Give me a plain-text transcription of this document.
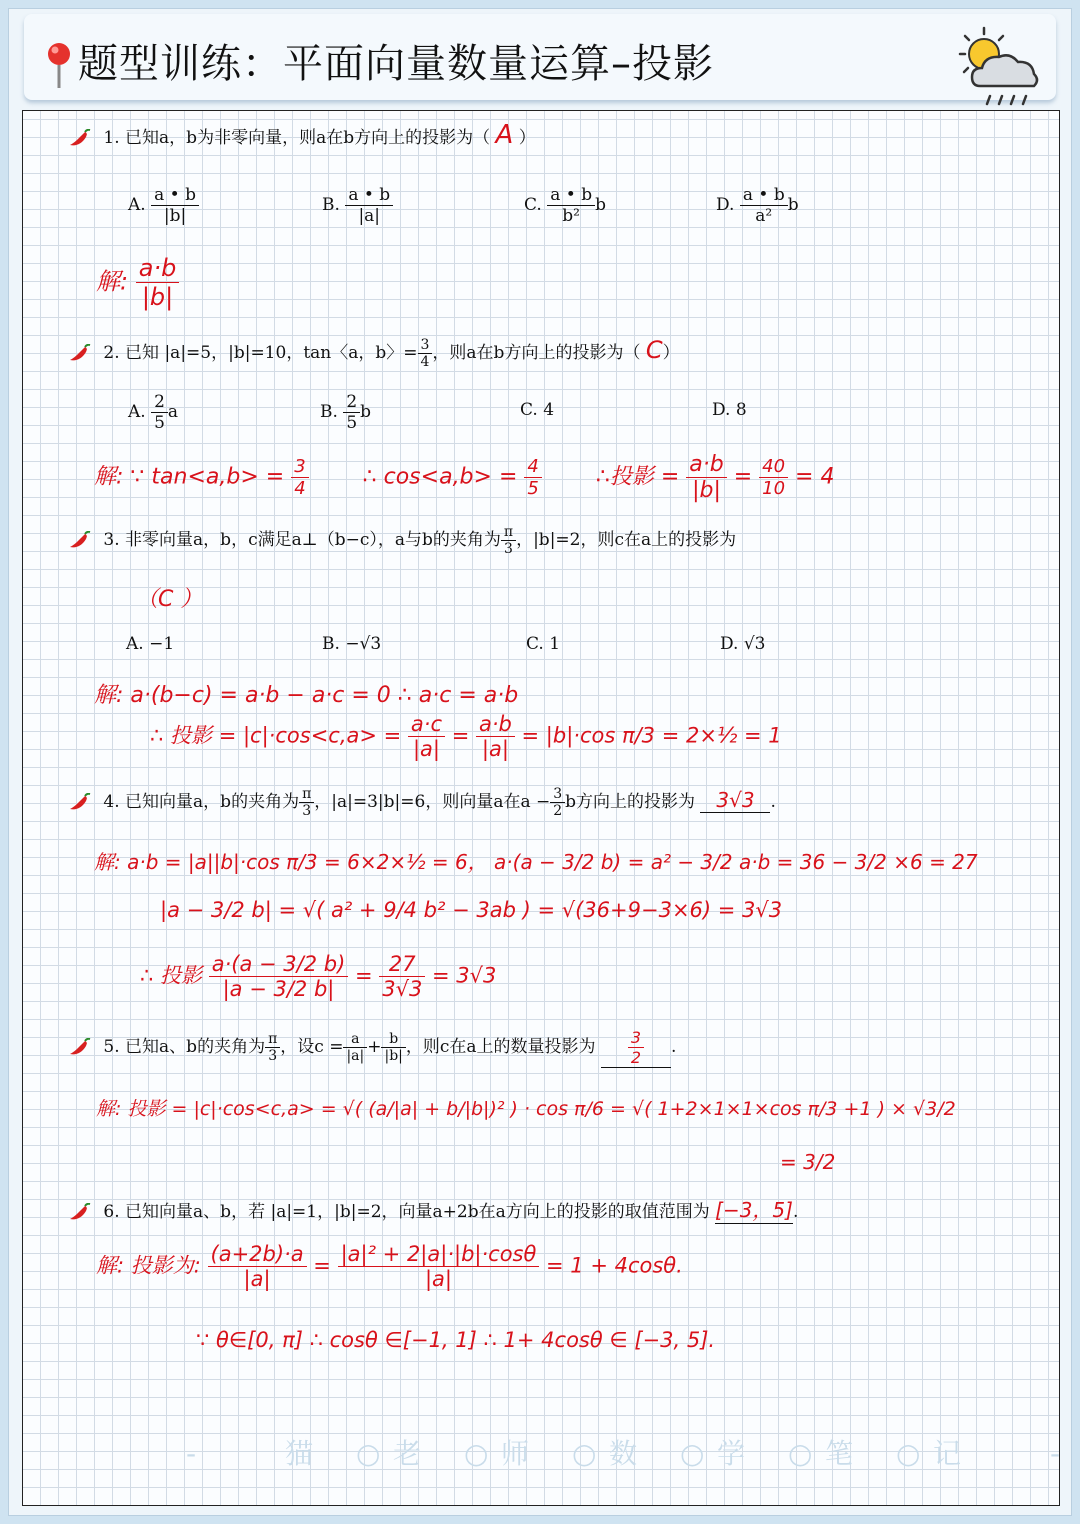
题型训练：平面向量数量运算–投影
1. 已知a，b为非零向量，则a在b方向上的投影为（ A ）
A. $\frac{a • b}{|b|}$	B. $\frac{a • b}{|a|}$	C. $\frac{a • b}{\text{b²}}$ b	D. $\frac{a • b}{\text{a²}}$ b
解: $\frac{a\cdot b}{|b|}$
2. 已知 |a|=5，|b|=10，tan〈a，b〉= $\frac{3}{4}$ ，则a在b方向上的投影为（ C）
A. $\frac{2}{5}$ a	B. $\frac{2}{5}$ b	C. 4	D. 8
解: ∵ $\tan<a,b> = \frac{3}{4}$ ∴ $\cos<a,b> = \frac{4}{5}$ ∴投影 = $\frac{a\cdot b}{|b|} = \frac{40}{10} = 4$
3. 非零向量a，b，c满足a⊥（b−c），a与b的夹角为 $\frac{\pi}{3}$ ，|b|=2，则c在a上的投影为
（C ）
A. −1	B. −√3	C. 1	D. √3
解: a·(b−c) = a·b − a·c = 0 ∴ a·c = a·b
∴ 投影 = $|c|\cdot\cos<c,a> = \frac{a\cdot c}{|a|} = \frac{a\cdot b}{|a|} = |b|\cdot\cos$ π/3 = 2×½ = 1
4. 已知向量a，b的夹角为 $\frac{\pi}{3}$ ，|a|=3|b|=6，则向量a在$a - \frac{3}{2}$ b方向上的投影为 3√3 .
解: a·b = |a||b|·cos π/3 = 6×2×½ = 6， a·(a − 3/2 b) = a² − 3/2 a·b = 36 − 3/2 ×6 = 27
|a − 3/2 b| = √( a² + 9/4 b² − 3ab ) = √(36+9−3×6) = 3√3
∴ 投影 $\frac{a\cdot(a - 3/2 b)}{|a - 3/2 b|} = \frac{27}{3√3} = 3√3$
5. 已知a、b的夹角为 $\frac{\pi}{3}$ ，设$c = \frac{a}{|a|} + \frac{b}{|b|}$ ，则c在a上的数量投影为 $\frac{3}{2}$ .
解: 投影 = |c|·cos<c,a> = √( (a/|a| + b/|b|)² ) · cos π/6 = √( 1+2×1×1×cos π/3 +1 ) × √3/2
= 3/2
6. 已知向量a、b，若 |a|=1，|b|=2，向量a+2b在a方向上的投影的取值范围为 [−3，5].
解: 投影为: $\frac{(a+2b)\cdot a}{|a|} = \frac{\text{|a|² + 2|a|·|b|·cosθ}}{|a|} = 1 + 4\cos\theta$.
∵ θ∈[0, π] ∴ cosθ ∈[−1, 1] ∴ 1+ 4cosθ ∈ [−3, 5].
-	猫 ○ 老 ○ 师 ○ 数 ○ 学 ○ 笔 ○ 记	-
